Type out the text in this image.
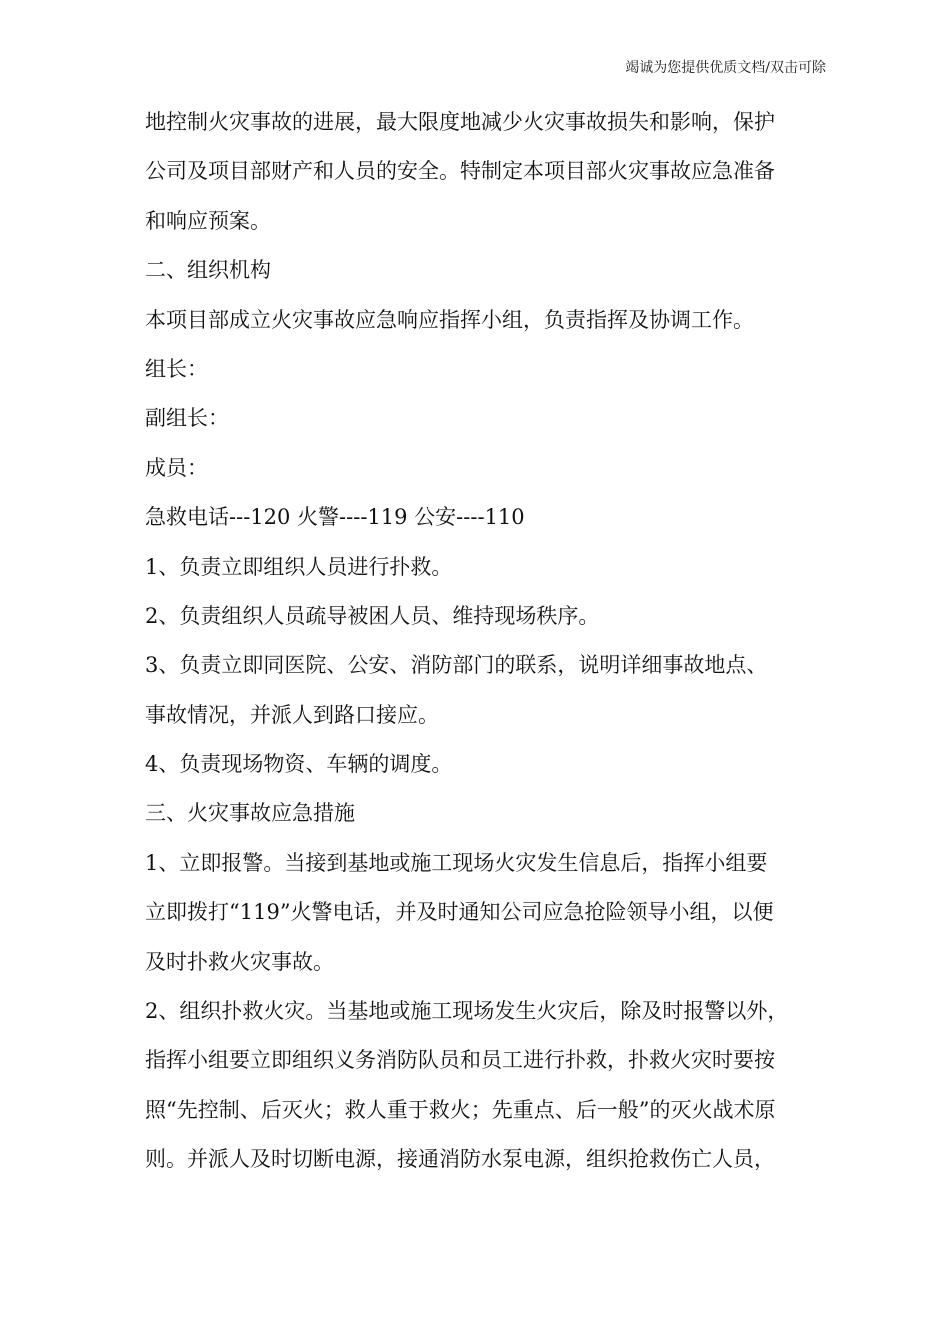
竭诚为您提供优质文档/双击可除
地控制火灾事故的进展，最大限度地减少火灾事故损失和影响，保护
公司及项目部财产和人员的安全。特制定本项目部火灾事故应急准备
和响应预案。
二、组织机构
本项目部成立火灾事故应急响应指挥小组，负责指挥及协调工作。
组长：
副组长：
成员：
急救电话---120 火警----119 公安----110
1、负责立即组织人员进行扑救。
2、负责组织人员疏导被困人员、维持现场秩序。
3、负责立即同医院、公安、消防部门的联系，说明详细事故地点、
事故情况，并派人到路口接应。
4、负责现场物资、车辆的调度。
三、火灾事故应急措施
1、立即报警。当接到基地或施工现场火灾发生信息后，指挥小组要
立即拨打“119”火警电话，并及时通知公司应急抢险领导小组，以便
及时扑救火灾事故。
2、组织扑救火灾。当基地或施工现场发生火灾后，除及时报警以外，
指挥小组要立即组织义务消防队员和员工进行扑救，扑救火灾时要按
照“先控制、后灭火；救人重于救火；先重点、后一般”的灭火战术原
则。并派人及时切断电源，接通消防水泵电源，组织抢救伤亡人员，
